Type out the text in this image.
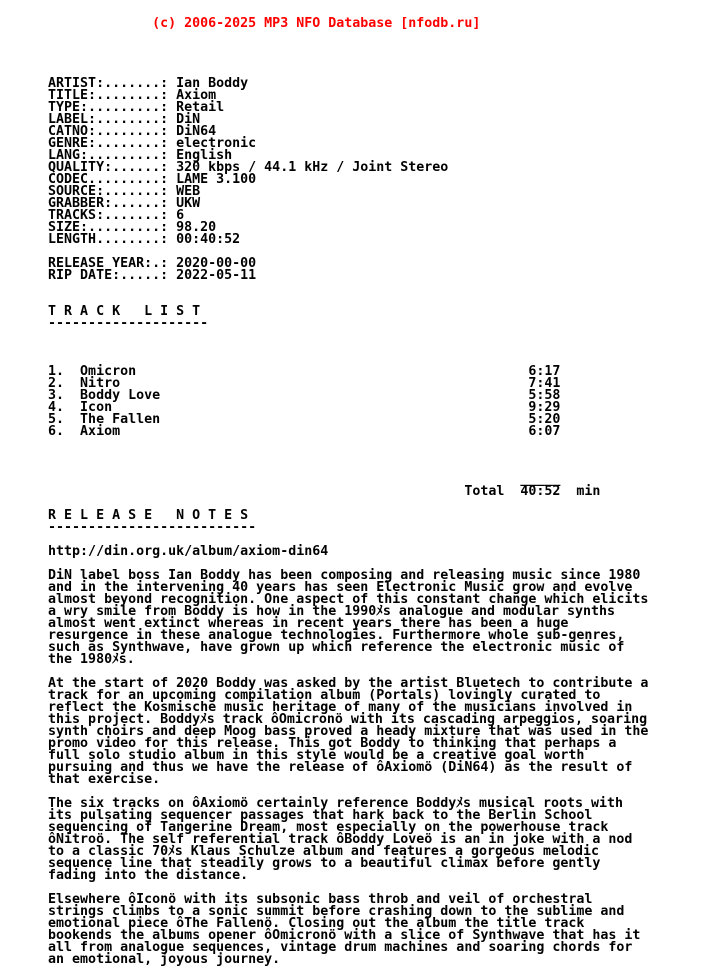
(c) 2006-2025 MP3 NFO Database [nfodb.ru]

ARTIST:.......: Ian Boddy
TITLE:........: Axiom
TYPE:.........: Retail
LABEL:........: DiN
CATNO:........: DiN64
GENRE:........: electronic
LANG:.........: English
QUALITY:......: 320 kbps / 44.1 kHz / Joint Stereo
CODEC.........: LAME 3.100
SOURCE:.......: WEB
GRABBER:......: UKW
TRACKS:.......: 6
SIZE:.........: 98.20
LENGTH........: 00:40:52
RELEASE YEAR:.: 2020-00-00
RIP DATE:.....: 2022-05-11
T R A C K   L I S T
--------------------
1.  Omicron                                                 6:17
2.  Nitro                                                   7:41
3.  Boddy Love                                              5:58
4.  Icon                                                    9:29
5.  The Fallen                                              5:20
6.  Axiom                                                   6:07
_____
Total  40:52  min
R E L E A S E   N O T E S
--------------------------
http://din.org.uk/album/axiom-din64
DiN label boss Ian Boddy has been composing and releasing music since 1980
and in the intervening 40 years has seen Electronic Music grow and evolve
almost beyond recognition. One aspect of this constant change which elicits
a wry smile from Boddy is how in the 1990ﾒs analogue and modular synths
almost went extinct whereas in recent years there has been a huge
resurgence in these analogue technologies. Furthermore whole sub-genres,
such as Synthwave, have grown up which reference the electronic music of
the 1980ﾒs.
At the start of 2020 Boddy was asked by the artist Bluetech to contribute a
track for an upcoming compilation album (Portals) lovingly curated to
reflect the Kosmische music heritage of many of the musicians involved in
this project. Boddyﾒs track ôOmicronö with its cascading arpeggios, soaring
synth choirs and deep Moog bass proved a heady mixture that was used in the
promo video for this release. This got Boddy to thinking that perhaps a
full solo studio album in this style would be a creative goal worth
pursuing and thus we have the release of ôAxiomö (DiN64) as the result of
that exercise.
The six tracks on ôAxiomö certainly reference Boddyﾒs musical roots with
its pulsating sequencer passages that hark back to the Berlin School
sequencing of Tangerine Dream, most especially on the powerhouse track
ôNitroö. The self referential track ôBoddy Loveö is an in joke with a nod
to a classic 70ﾒs Klaus Schulze album and features a gorgeous melodic
sequence line that steadily grows to a beautiful climax before gently
fading into the distance.
Elsewhere ôIconö with its subsonic bass throb and veil of orchestral
strings climbs to a sonic summit before crashing down to the sublime and
emotional piece ôThe Fallenö. Closing out the album the title track
bookends the albums opener ôOmicronö with a slice of Synthwave that has it
all from analogue sequences, vintage drum machines and soaring chords for
an emotional, joyous journey.
